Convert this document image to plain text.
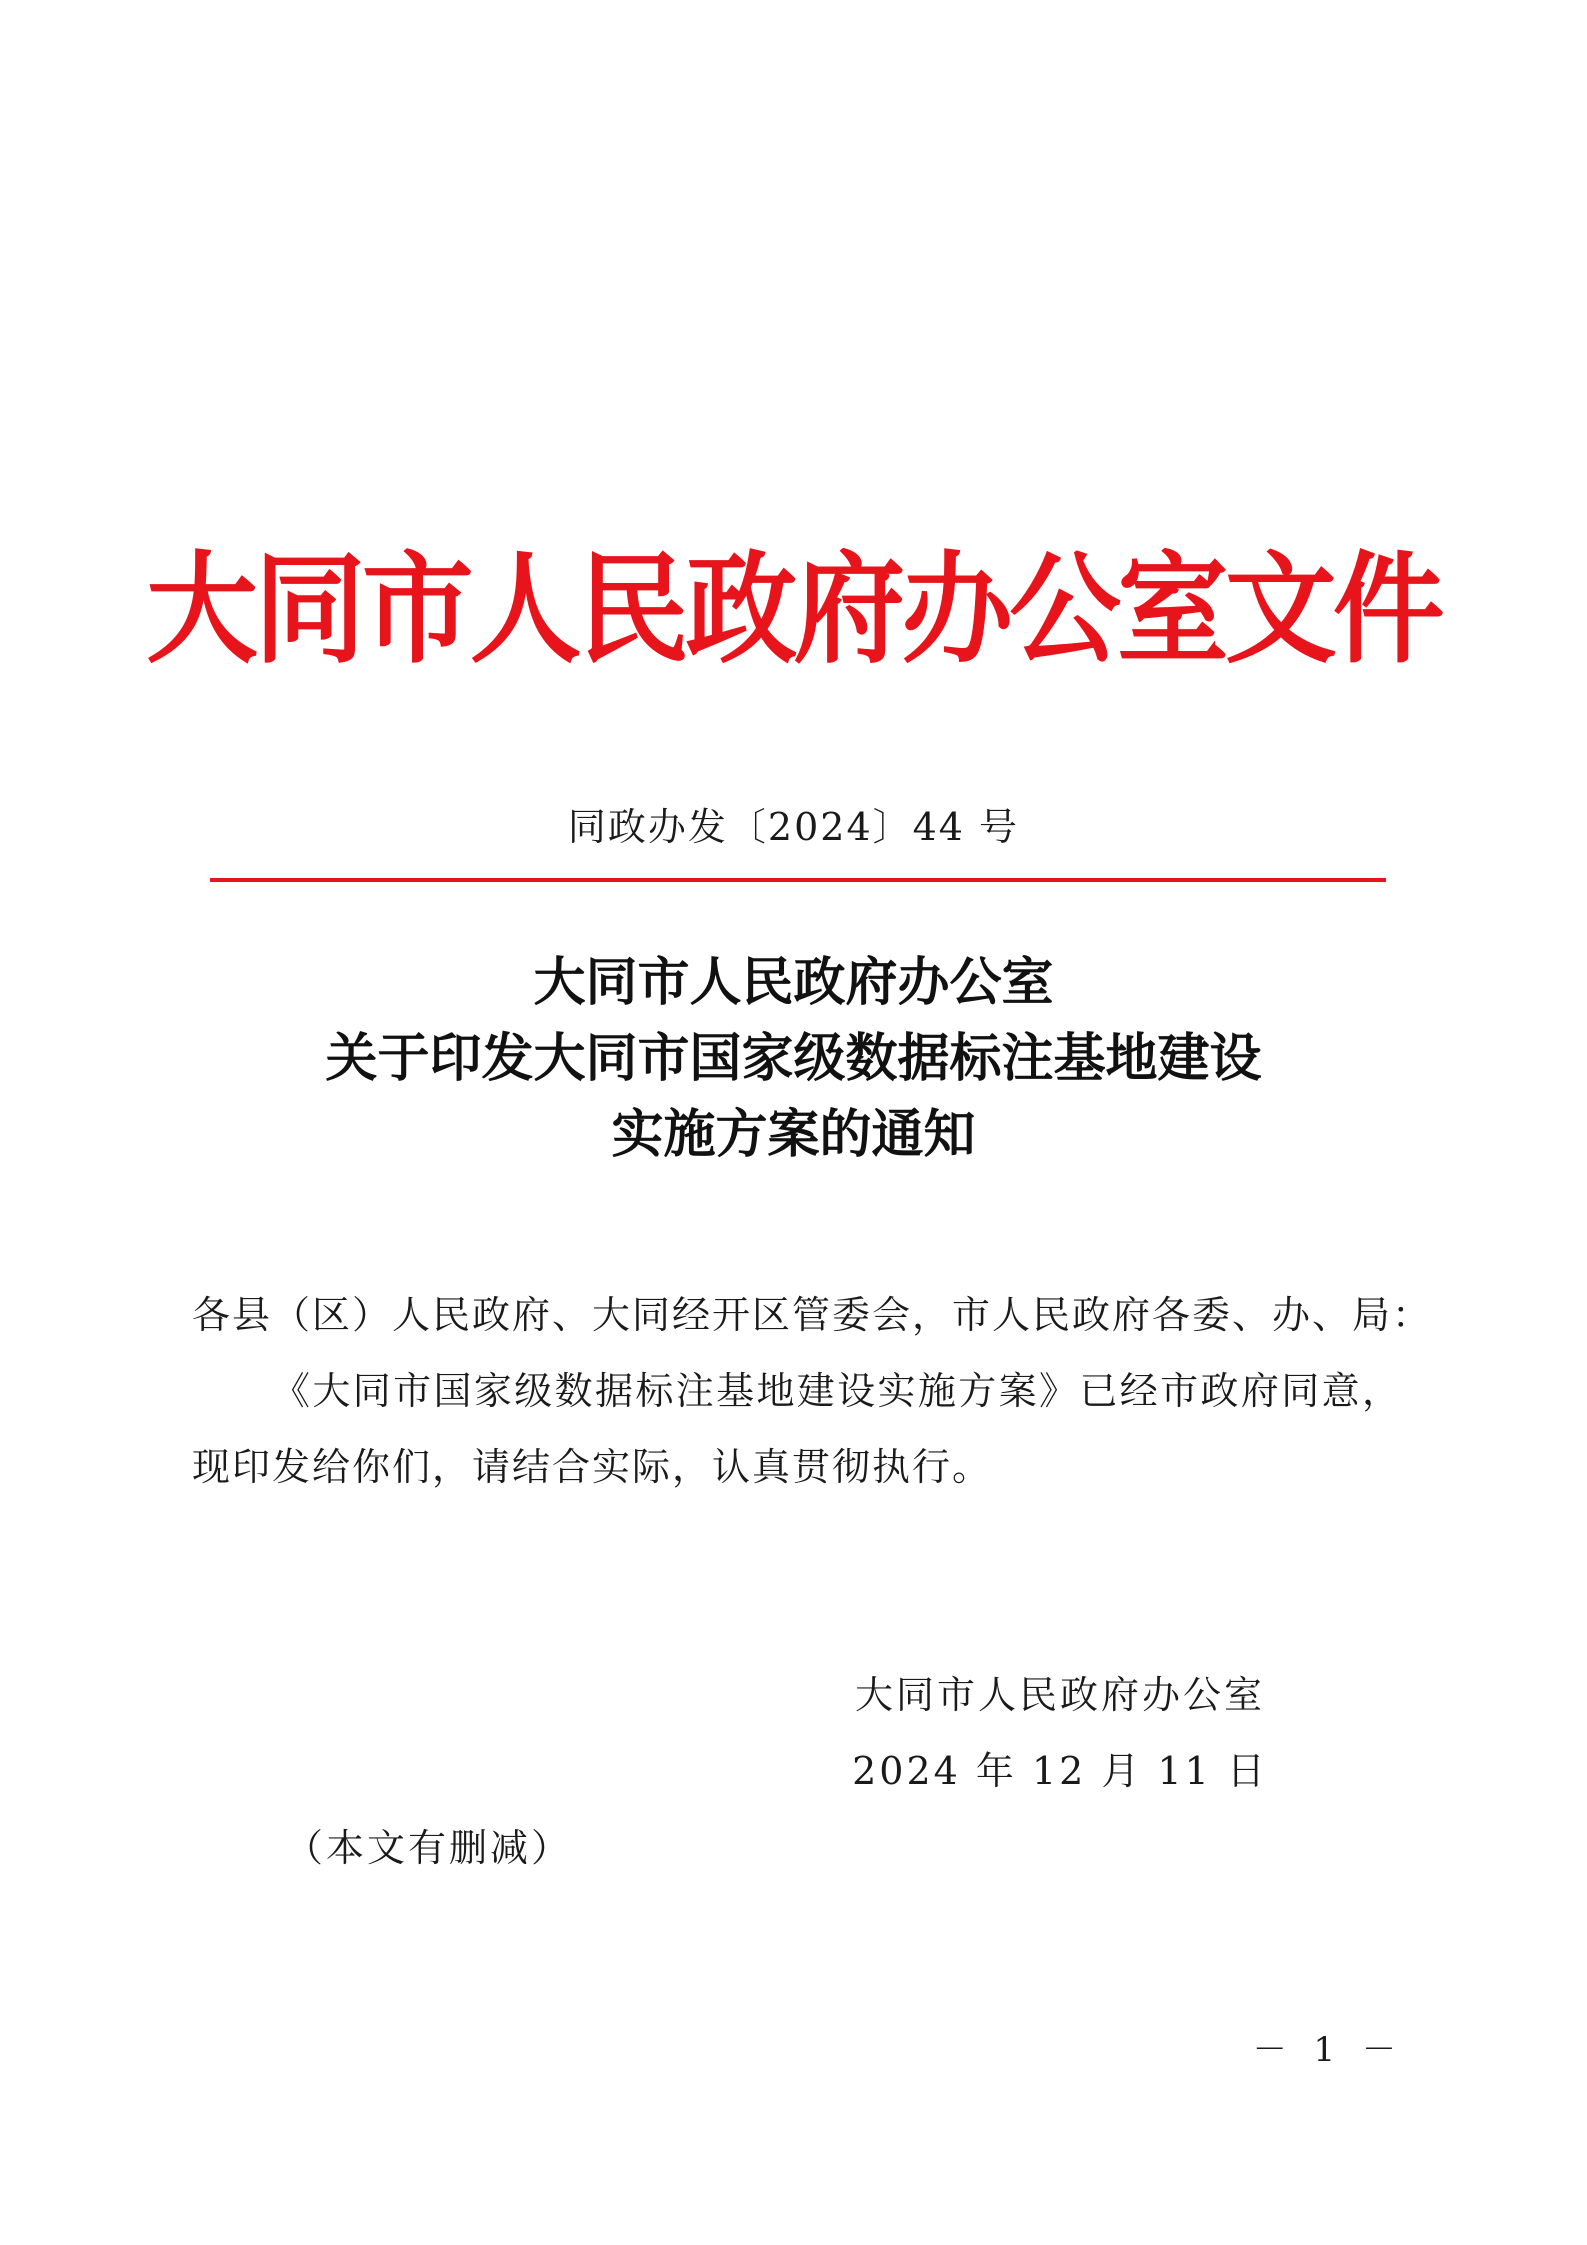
大同市人民政府办公室文件
同政办发〔2024〕44 号
大同市人民政府办公室
关于印发大同市国家级数据标注基地建设
实施方案的通知
各县（区）人民政府、大同经开区管委会，市人民政府各委、办、局：
《大同市国家级数据标注基地建设实施方案》已经市政府同意，现印发给你们，请结合实际，认真贯彻执行。
大同市人民政府办公室
2024 年 12 月 11 日
（本文有删减）
－ 1 －
